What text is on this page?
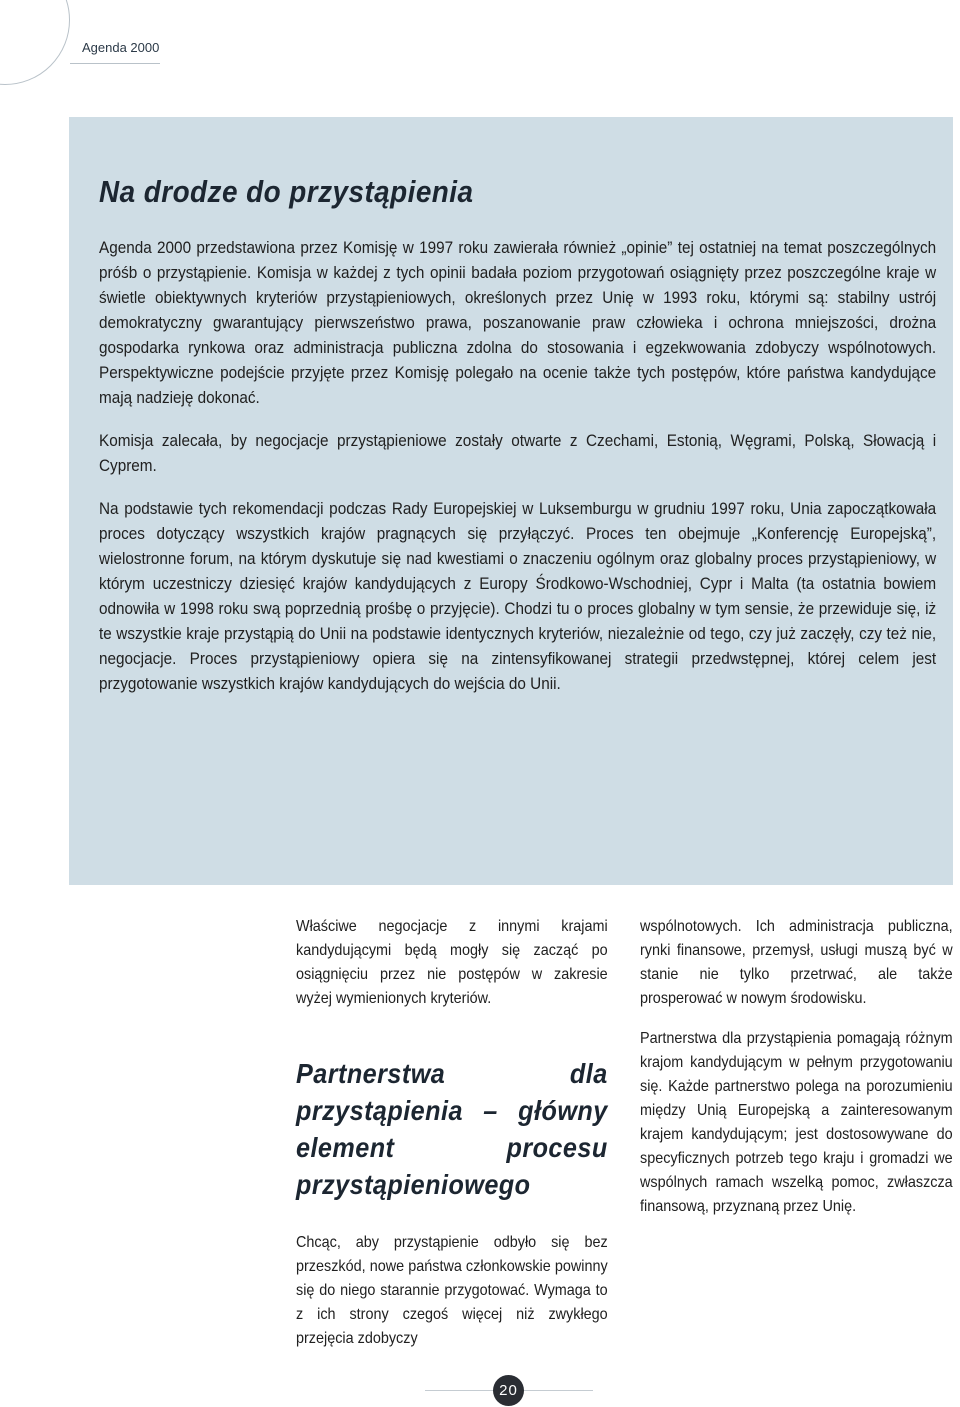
Agenda 2000
Na drodze do przystąpienia

Agenda 2000 przedstawiona przez Komisję w 1997 roku zawierała również „opinie” tej ostatniej na temat poszczególnych próśb o przystąpienie. Komisja w każdej z tych opinii badała poziom przygotowań osiągnięty przez poszczególne kraje w świetle obiektywnych kryteriów przystąpieniowych, określonych przez Unię w 1993 roku, którymi są: stabilny ustrój demokratyczny gwarantujący pierwszeństwo prawa, poszanowanie praw człowieka i ochrona mniejszości, drożna gospodarka rynkowa oraz administracja publiczna zdolna do stosowania i egzekwowania zdobyczy wspólnotowych. Perspektywiczne podejście przyjęte przez Komisję polegało na ocenie także tych postępów, które państwa kandydujące mają nadzieję dokonać.

Komisja zalecała, by negocjacje przystąpieniowe zostały otwarte z Czechami, Estonią, Węgrami, Polską, Słowacją i Cyprem.

Na podstawie tych rekomendacji podczas Rady Europejskiej w Luksemburgu w grudniu 1997 roku, Unia zapoczątkowała proces dotyczący wszystkich krajów pragnących się przyłączyć. Proces ten obejmuje „Konferencję Europejską”, wielostronne forum, na którym dyskutuje się nad kwestiami o znaczeniu ogólnym oraz globalny proces przystąpieniowy, w którym uczestniczy dziesięć krajów kandydujących z Europy Środkowo-Wschodniej, Cypr i Malta (ta ostatnia bowiem odnowiła w 1998 roku swą poprzednią prośbę o przyjęcie). Chodzi tu o proces globalny w tym sensie, że przewiduje się, iż te wszystkie kraje przystąpią do Unii na podstawie identycznych kryteriów, niezależnie od tego, czy już zaczęły, czy też nie, negocjacje. Proces przystąpieniowy opiera się na zintensyfikowanej strategii przedwstępnej, której celem jest przygotowanie wszystkich krajów kandydujących do wejścia do Unii.

Właściwe negocjacje z innymi krajami kandydującymi będą mogły się zacząć po osiągnięciu przez nie postępów w zakresie wyżej wymienionych kryteriów.

Partnerstwa dla przystąpienia – główny element procesu przystąpieniowego

Chcąc, aby przystąpienie odbyło się bez przeszkód, nowe państwa członkowskie powinny się do niego starannie przygotować. Wymaga to z ich strony czegoś więcej niż zwykłego przejęcia zdobyczy

wspólnotowych. Ich administracja publiczna, rynki finansowe, przemysł, usługi muszą być w stanie nie tylko przetrwać, ale także prosperować w nowym środowisku.

Partnerstwa dla przystąpienia pomagają różnym krajom kandydującym w pełnym przygotowaniu się. Każde partnerstwo polega na porozumieniu między Unią Europejską a zainteresowanym krajem kandydującym; jest dostosowywane do specyficznych potrzeb tego kraju i gromadzi we wspólnych ramach wszelką pomoc, zwłaszcza finansową, przyznaną przez Unię.

20
